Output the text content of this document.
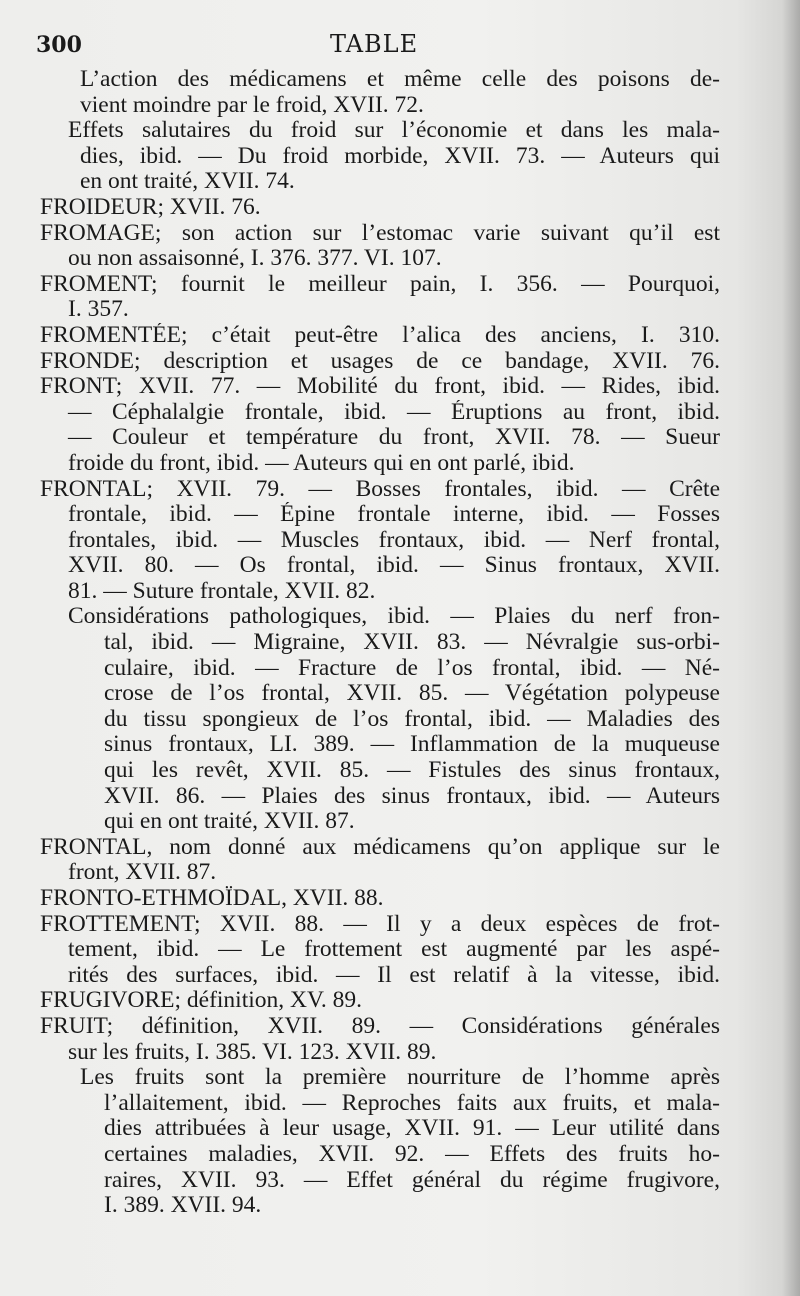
300	TABLE
L’action des médicamens et même celle des poisons de-
vient moindre par le froid, XVII. 72.
Effets salutaires du froid sur l’économie et dans les mala-
dies, ibid. — Du froid morbide, XVII. 73. — Auteurs qui
en ont traité, XVII. 74.
FROIDEUR; XVII. 76.
FROMAGE; son action sur l’estomac varie suivant qu’il est
ou non assaisonné, I. 376. 377. VI. 107.
FROMENT; fournit le meilleur pain, I. 356. — Pourquoi,
I. 357.
FROMENTÉE; c’était peut-être l’alica des anciens, I. 310.
FRONDE; description et usages de ce bandage, XVII. 76.
FRONT; XVII. 77. — Mobilité du front, ibid. — Rides, ibid.
— Céphalalgie frontale, ibid. — Éruptions au front, ibid.
— Couleur et température du front, XVII. 78. — Sueur
froide du front, ibid. — Auteurs qui en ont parlé, ibid.
FRONTAL; XVII. 79. — Bosses frontales, ibid. — Crête
frontale, ibid. — Épine frontale interne, ibid. — Fosses
frontales, ibid. — Muscles frontaux, ibid. — Nerf frontal,
XVII. 80. — Os frontal, ibid. — Sinus frontaux, XVII.
81. — Suture frontale, XVII. 82.
Considérations pathologiques, ibid. — Plaies du nerf fron-
tal, ibid. — Migraine, XVII. 83. — Névralgie sus-orbi-
culaire, ibid. — Fracture de l’os frontal, ibid. — Né-
crose de l’os frontal, XVII. 85. — Végétation polypeuse
du tissu spongieux de l’os frontal, ibid. — Maladies des
sinus frontaux, LI. 389. — Inflammation de la muqueuse
qui les revêt, XVII. 85. — Fistules des sinus frontaux,
XVII. 86. — Plaies des sinus frontaux, ibid. — Auteurs
qui en ont traité, XVII. 87.
FRONTAL, nom donné aux médicamens qu’on applique sur le
front, XVII. 87.
FRONTO-ETHMOÏDAL, XVII. 88.
FROTTEMENT; XVII. 88. — Il y a deux espèces de frot-
tement, ibid. — Le frottement est augmenté par les aspé-
rités des surfaces, ibid. — Il est relatif à la vitesse, ibid.
FRUGIVORE; définition, XV. 89.
FRUIT; définition, XVII. 89. — Considérations générales
sur les fruits, I. 385. VI. 123. XVII. 89.
Les fruits sont la première nourriture de l’homme après
l’allaitement, ibid. — Reproches faits aux fruits, et mala-
dies attribuées à leur usage, XVII. 91. — Leur utilité dans
certaines maladies, XVII. 92. — Effets des fruits ho-
raires, XVII. 93. — Effet général du régime frugivore,
I. 389. XVII. 94.
